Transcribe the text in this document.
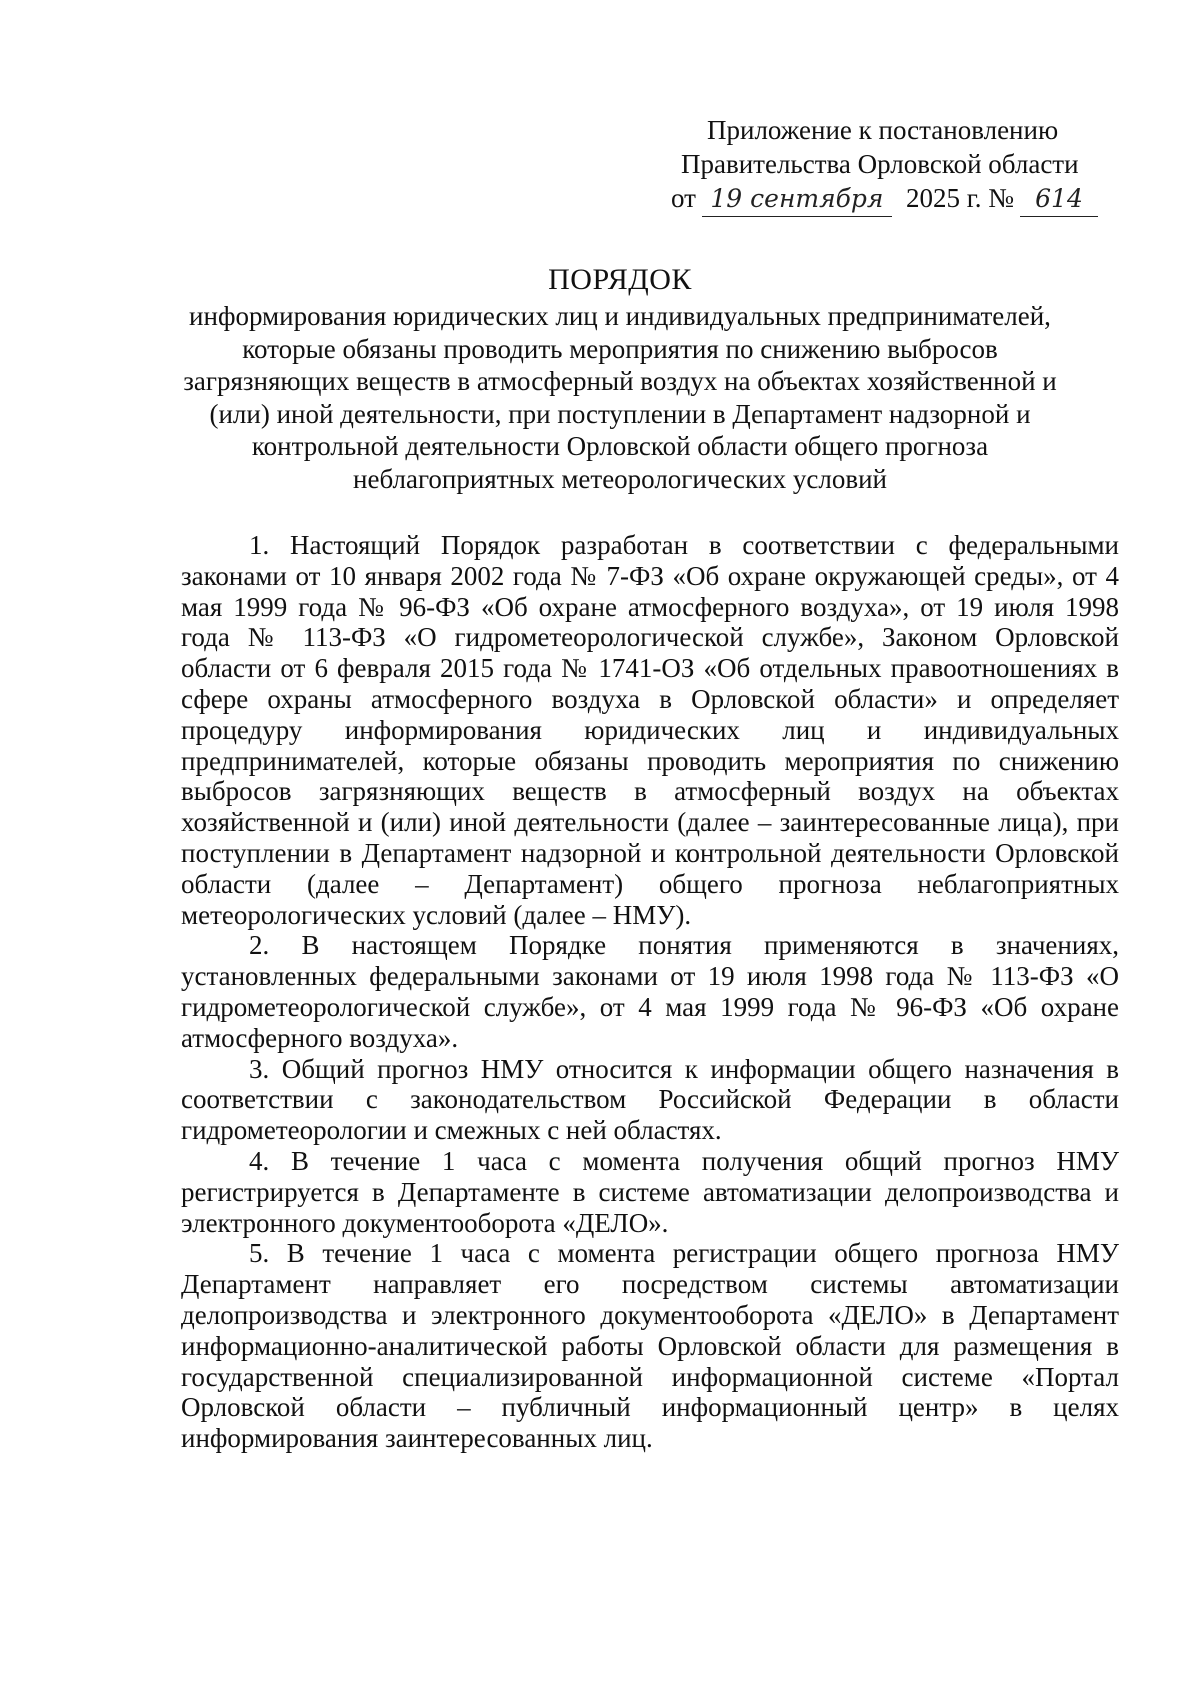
Приложение к постановлению
Правительства Орловской области
от 19 сентября 2025 г. № 614
ПОРЯДОК
информирования юридических лиц и индивидуальных предпринимателей, которые обязаны проводить мероприятия по снижению выбросов загрязняющих веществ в атмосферный воздух на объектах хозяйственной и (или) иной деятельности, при поступлении в Департамент надзорной и контрольной деятельности Орловской области общего прогноза неблагоприятных метеорологических условий

1. Настоящий Порядок разработан в соответствии с федеральными законами от 10 января 2002 года № 7-ФЗ «Об охране окружающей среды», от 4 мая 1999 года № 96-ФЗ «Об охране атмосферного воздуха», от 19 июля 1998 года № 113-ФЗ «О гидрометеорологической службе», Законом Орловской области от 6 февраля 2015 года № 1741-ОЗ «Об отдельных правоотношениях в сфере охраны атмосферного воздуха в Орловской области» и определяет процедуру информирования юридических лиц и индивидуальных предпринимателей, которые обязаны проводить мероприятия по снижению выбросов загрязняющих веществ в атмосферный воздух на объектах хозяйственной и (или) иной деятельности (далее – заинтересованные лица), при поступлении в Департамент надзорной и контрольной деятельности Орловской области (далее – Департамент) общего прогноза неблагоприятных метеорологических условий (далее – НМУ).

2. В настоящем Порядке понятия применяются в значениях, установленных федеральными законами от 19 июля 1998 года № 113-ФЗ «О гидрометеорологической службе», от 4 мая 1999 года № 96-ФЗ «Об охране атмосферного воздуха».

3. Общий прогноз НМУ относится к информации общего назначения в соответствии с законодательством Российской Федерации в области гидрометеорологии и смежных с ней областях.

4. В течение 1 часа с момента получения общий прогноз НМУ регистрируется в Департаменте в системе автоматизации делопроизводства и электронного документооборота «ДЕЛО».

5. В течение 1 часа с момента регистрации общего прогноза НМУ Департамент направляет его посредством системы автоматизации делопроизводства и электронного документооборота «ДЕЛО» в Департамент информационно-аналитической работы Орловской области для размещения в государственной специализированной информационной системе «Портал Орловской области – публичный информационный центр» в целях информирования заинтересованных лиц.
